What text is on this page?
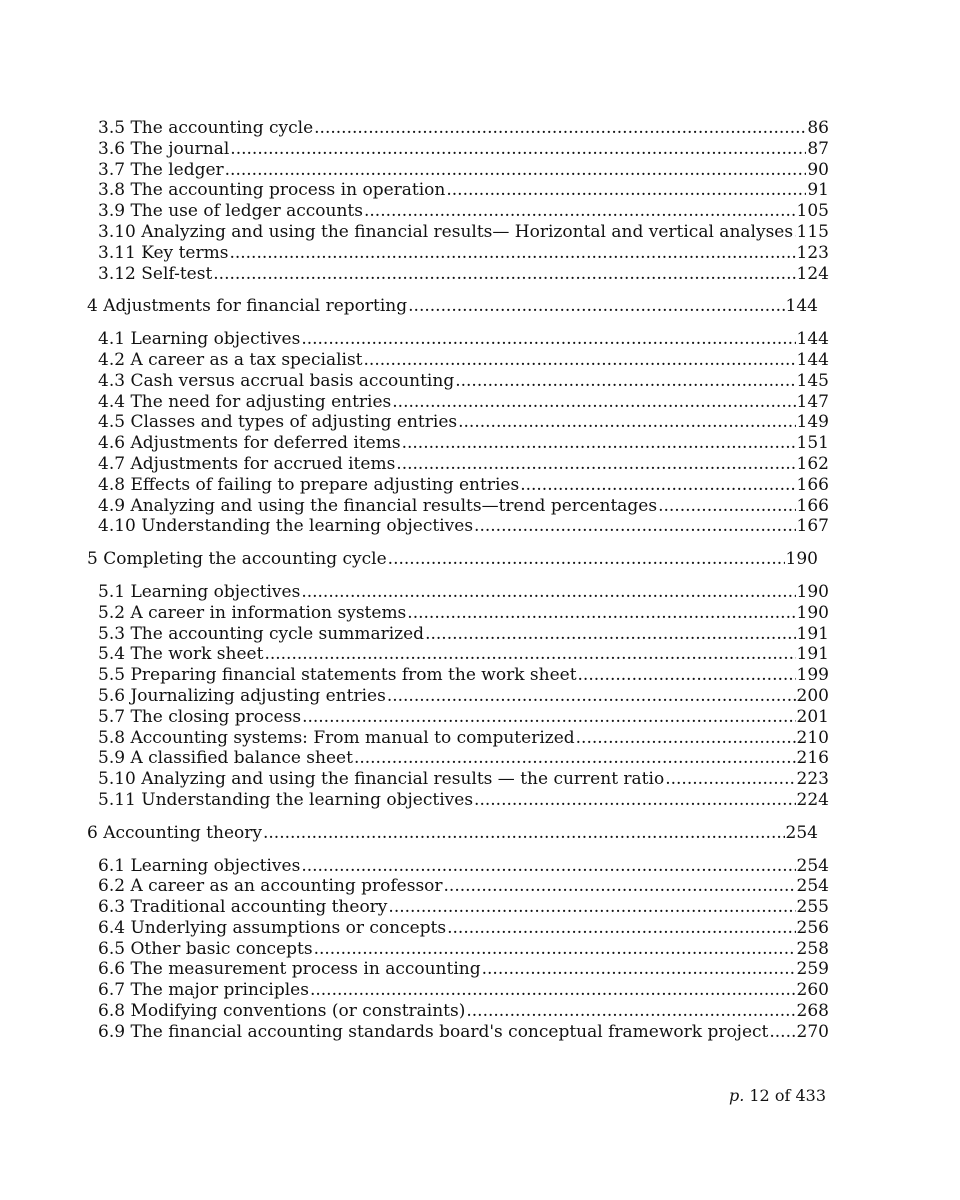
3.5 The accounting cycle .....	86
3.6 The journal .....	87
3.7 The ledger .....	90
3.8 The accounting process in operation .....	91
3.9 The use of ledger accounts .....	105
3.10 Analyzing and using the financial results— Horizontal and vertical analyses ..... 115
3.11 Key terms .....	123
3.12 Self-test .....	124
4 Adjustments for financial reporting .....	144
4.1 Learning objectives .....	144
4.2 A career as a tax specialist .....	144
4.3 Cash versus accrual basis accounting .....	145
4.4 The need for adjusting entries .....	147
4.5 Classes and types of adjusting entries .....	149
4.6 Adjustments for deferred items .....	151
4.7 Adjustments for accrued items .....	162
4.8 Effects of failing to prepare adjusting entries .....	166
4.9 Analyzing and using the financial results—trend percentages .....	166
4.10 Understanding the learning objectives .....	167
5 Completing the accounting cycle .....	190
5.1 Learning objectives .....	190
5.2 A career in information systems .....	190
5.3 The accounting cycle summarized .....	191
5.4 The work sheet .....	191
5.5 Preparing financial statements from the work sheet .....	199
5.6 Journalizing adjusting entries .....	200
5.7 The closing process .....	201
5.8 Accounting systems: From manual to computerized .....	210
5.9 A classified balance sheet .....	216
5.10 Analyzing and using the financial results — the current ratio .....	223
5.11 Understanding the learning objectives .....	224
6 Accounting theory .....	254
6.1 Learning objectives .....	254
6.2 A career as an accounting professor .....	254
6.3 Traditional accounting theory .....	255
6.4 Underlying assumptions or concepts .....	256
6.5 Other basic concepts .....	258
6.6 The measurement process in accounting .....	259
6.7 The major principles .....	260
6.8 Modifying conventions (or constraints) .....	268
6.9 The financial accounting standards board's conceptual framework project ..... 270
p. 12 of 433
